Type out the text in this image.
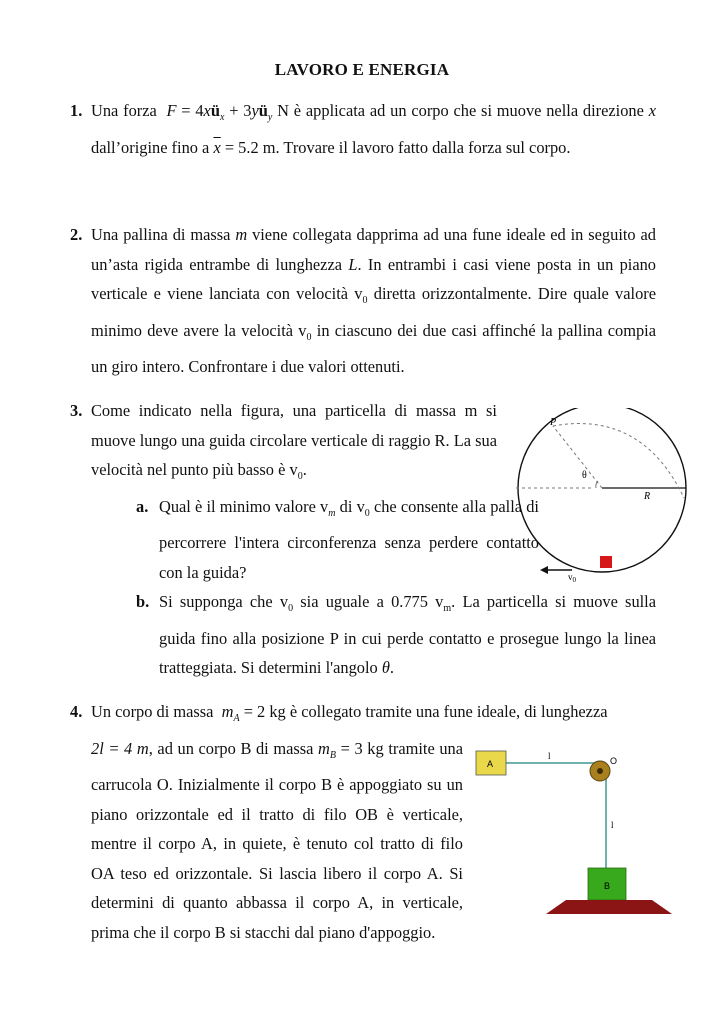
LAVORO E ENERGIA
1. Una forza $F = 4xü_x$ + $3yü_y$ N è applicata ad un corpo che si muove nella direzione x dall’origine fino a $\overline{x} = 5.2$ m. Trovare il lavoro fatto dalla forza sul corpo.
2. Una pallina di massa m viene collegata dapprima ad una fune ideale ed in seguito ad un’asta rigida entrambe di lunghezza L. In entrambi i casi viene posta in un piano verticale e viene lanciata con velocità $v_0$ diretta orizzontalmente. Dire quale valore minimo deve avere la velocità $v_0$ in ciascuno dei due casi affinché la pallina compia un giro intero. Confrontare i due valori ottenuti.
3. Come indicato nella figura, una particella di massa m si muove lungo una guida circolare verticale di raggio R. La sua velocità nel punto più basso è $v_0$.
a. Qual è il minimo valore $v_m$ di $v_0$ che consente alla palla di percorrere l'intera circonferenza senza perdere contatto con la guida?
b. Si supponga che $v_0$ sia uguale a 0.775 $v_m$. La particella si muove sulla guida fino alla posizione P in cui perde contatto e prosegue lungo la linea tratteggiata. Si determini l'angolo θ.
P
θ
R
$v_0$
4. Un corpo di massa $m_A = 2$ kg è collegato tramite una fune ideale, di lunghezza
2l = 4 m, ad un corpo B di massa $m_B = 3$ kg tramite una carrucola O. Inizialmente il corpo B è appoggiato su un piano orizzontale ed il tratto di filo OB è verticale, mentre il corpo A, in quiete, è tenuto col tratto di filo OA teso ed orizzontale. Si lascia libero il corpo A. Si determini di quanto abbassa il corpo A, in verticale, prima che il corpo B si stacchi dal piano d'appoggio.
A	O
l
l
B
